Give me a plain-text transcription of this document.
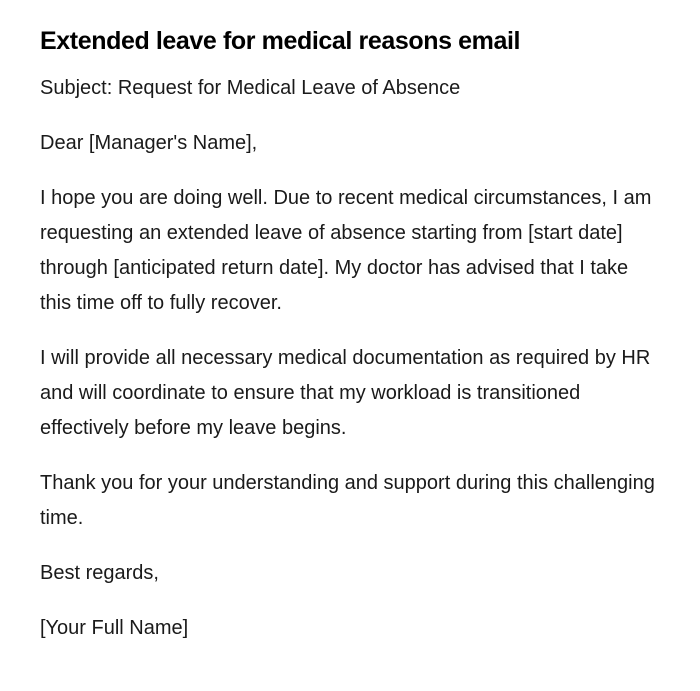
Extended leave for medical reasons email

Subject: Request for Medical Leave of Absence

Dear [Manager's Name],

I hope you are doing well. Due to recent medical circumstances, I am requesting an extended leave of absence starting from [start date] through [anticipated return date]. My doctor has advised that I take this time off to fully recover.

I will provide all necessary medical documentation as required by HR and will coordinate to ensure that my workload is transitioned effectively before my leave begins.

Thank you for your understanding and support during this challenging time.

Best regards,

[Your Full Name]
